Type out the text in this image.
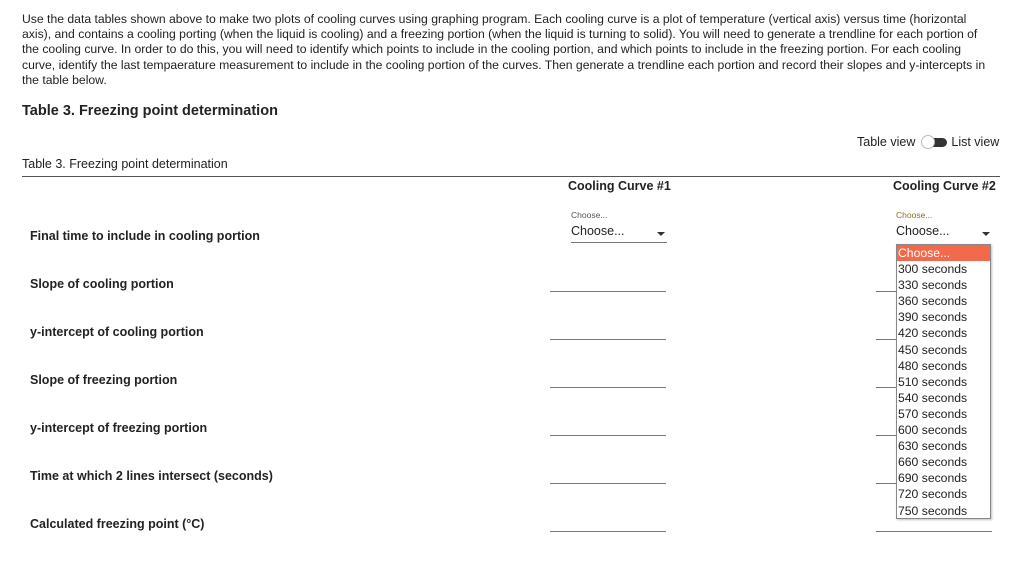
Use the data tables shown above to make two plots of cooling curves using graphing program. Each cooling curve is a plot of temperature (vertical axis) versus time (horizontal axis), and contains a cooling porting (when the liquid is cooling) and a freezing portion (when the liquid is turning to solid). You will need to generate a trendline for each portion of the cooling curve. In order to do this, you will need to identify which points to include in the cooling portion, and which points to include in the freezing portion. For each cooling curve, identify the last tempaerature measurement to include in the cooling portion of the curves. Then generate a trendline each portion and record their slopes and y-intercepts in the table below.

Table 3. Freezing point determination
Table view	List view
Table 3. Freezing point determination
Cooling Curve #1	Cooling Curve #2
Final time to include in cooling portion
Slope of cooling portion
y-intercept of cooling portion
Slope of freezing portion
y-intercept of freezing portion
Time at which 2 lines intersect (seconds)
Calculated freezing point (°C)
Choose...
Choose...
Choose...
Choose...
Choose...
300 seconds
330 seconds
360 seconds
390 seconds
420 seconds
450 seconds
480 seconds
510 seconds
540 seconds
570 seconds
600 seconds
630 seconds
660 seconds
690 seconds
720 seconds
750 seconds
